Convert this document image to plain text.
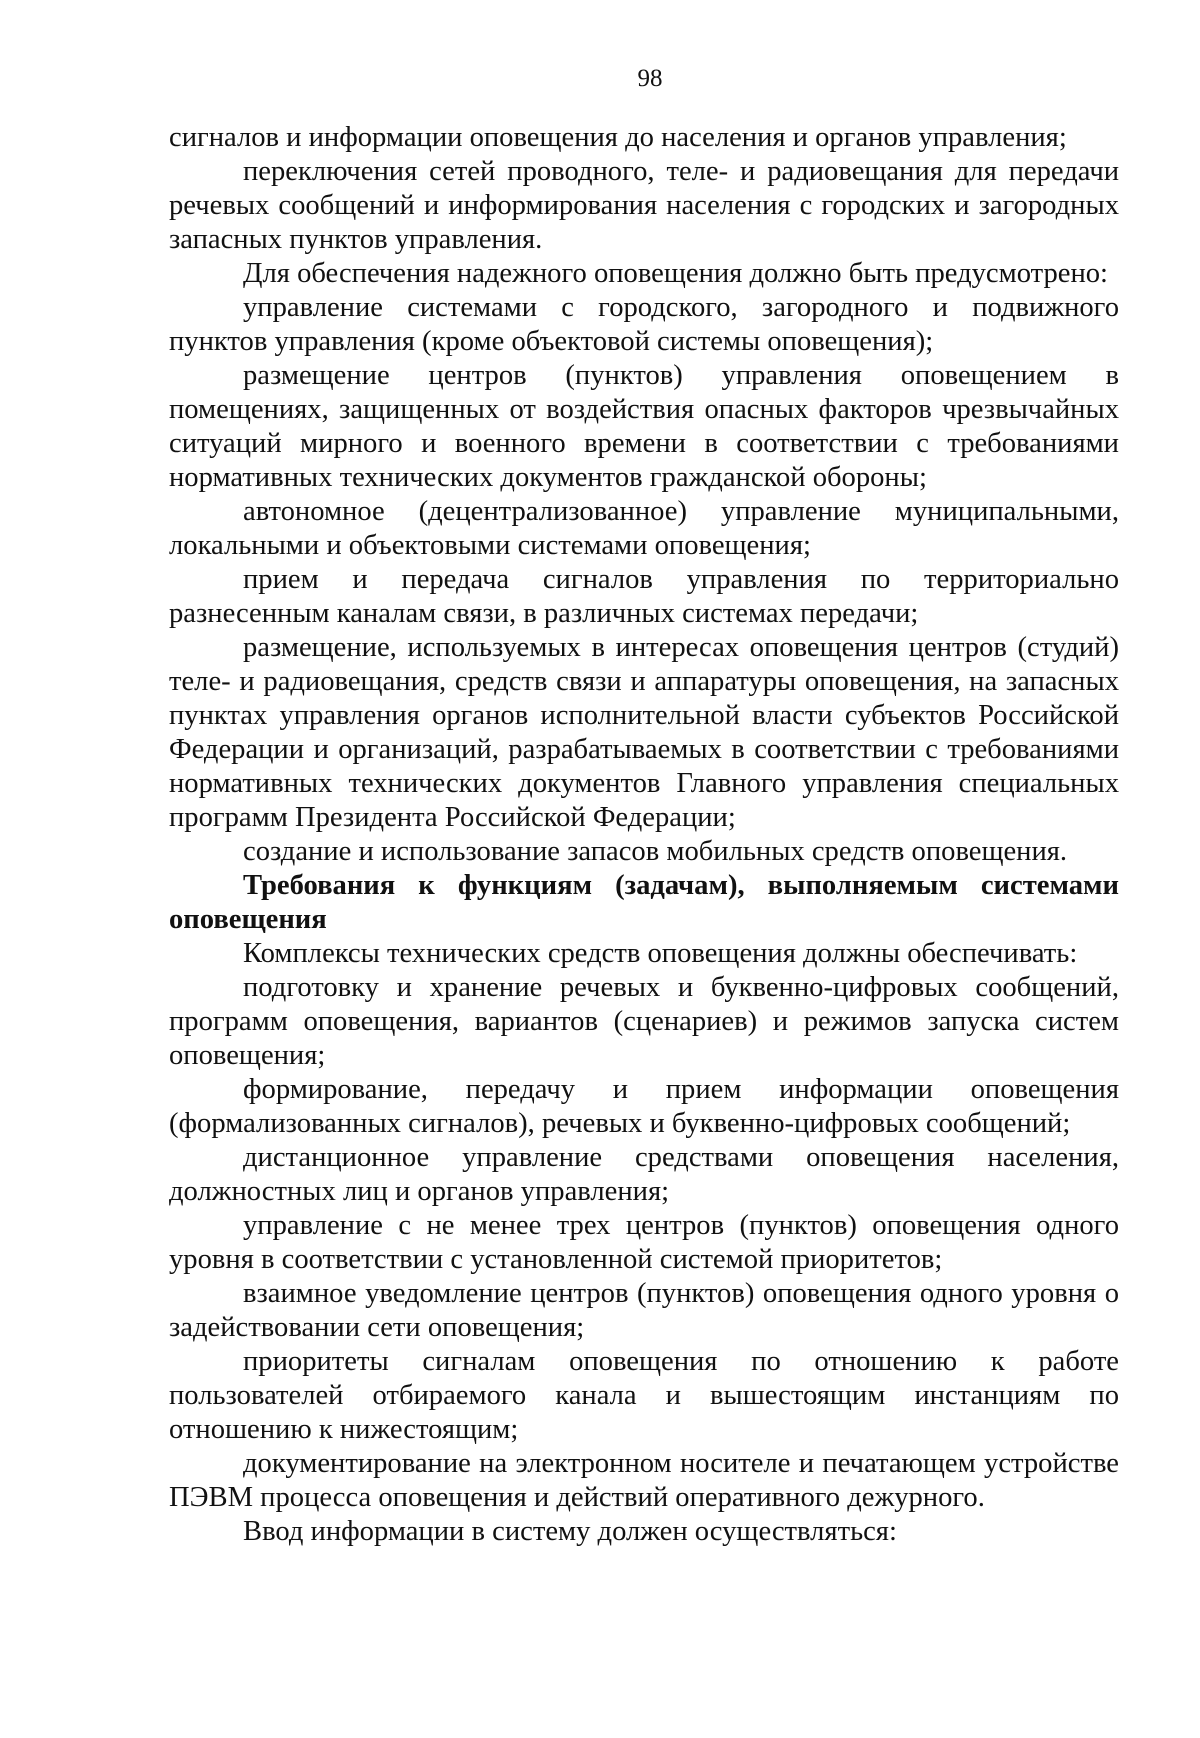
98

сигналов и информации оповещения до населения и органов управления;

переключения сетей проводного, теле- и радиовещания для передачи речевых сообщений и информирования населения с городских и загородных запасных пунктов управления.

Для обеспечения надежного оповещения должно быть предусмотрено:

управление системами с городского, загородного и подвижного пунктов управления (кроме объектовой системы оповещения);

размещение центров (пунктов) управления оповещением в помещениях, защищенных от воздействия опасных факторов чрезвычайных ситуаций мирного и военного времени в соответствии с требованиями нормативных технических документов гражданской обороны;

автономное (децентрализованное) управление муниципальными, локальными и объектовыми системами оповещения;

прием и передача сигналов управления по территориально разнесенным каналам связи, в различных системах передачи;

размещение, используемых в интересах оповещения центров (студий) теле- и радиовещания, средств связи и аппаратуры оповещения, на запасных пунктах управления органов исполнительной власти субъектов Российской Федерации и организаций, разрабатываемых в соответствии с требованиями нормативных технических документов Главного управления специальных программ Президента Российской Федерации;

создание и использование запасов мобильных средств оповещения.

Требования к функциям (задачам), выполняемым системами оповещения

Комплексы технических средств оповещения должны обеспечивать:

подготовку и хранение речевых и буквенно-цифровых сообщений, программ оповещения, вариантов (сценариев) и режимов запуска систем оповещения;

формирование, передачу и прием информации оповещения (формализованных сигналов), речевых и буквенно-цифровых сообщений;

дистанционное управление средствами оповещения населения, должностных лиц и органов управления;

управление с не менее трех центров (пунктов) оповещения одного уровня в соответствии с установленной системой приоритетов;

взаимное уведомление центров (пунктов) оповещения одного уровня о задействовании сети оповещения;

приоритеты сигналам оповещения по отношению к работе пользователей отбираемого канала и вышестоящим инстанциям по отношению к нижестоящим;

документирование на электронном носителе и печатающем устройстве ПЭВМ процесса оповещения и действий оперативного дежурного.

Ввод информации в систему должен осуществляться:
